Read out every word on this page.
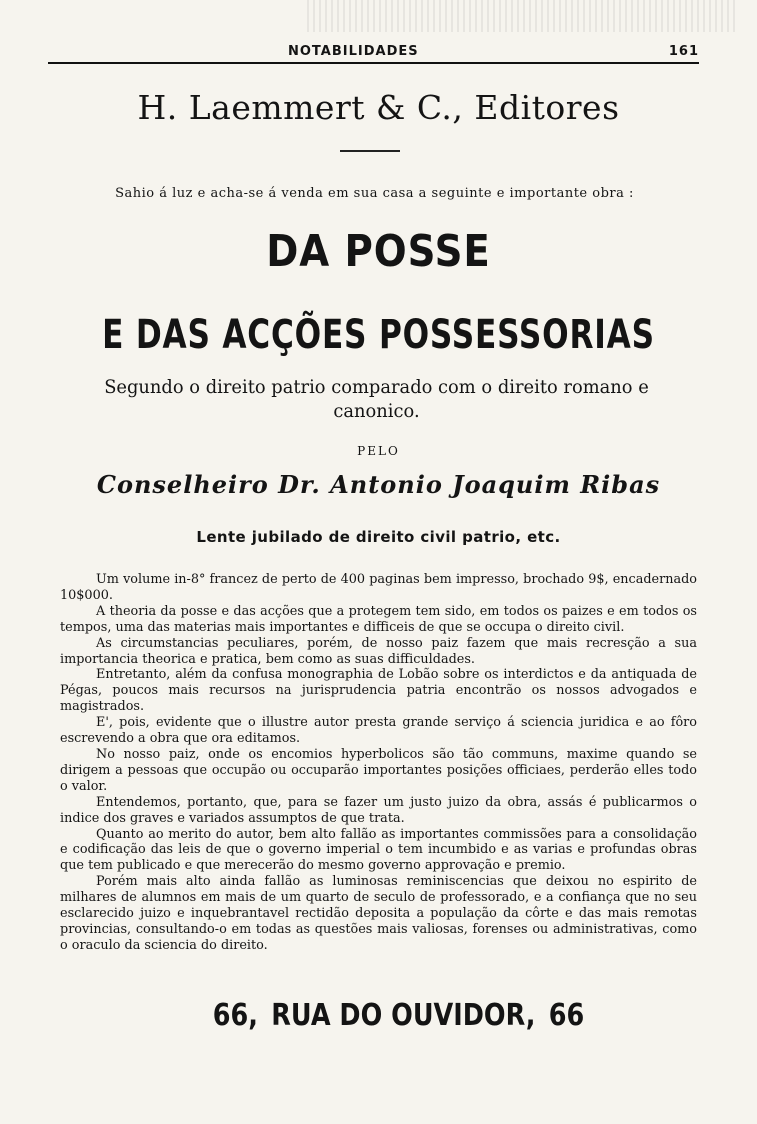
NOTABILIDADES	161
H. Laemmert & C., Editores
Sahio á luz e acha-se á venda em sua casa a seguinte e importante obra :
DA POSSE
E DAS ACÇÕES POSSESSORIAS
Segundo o direito patrio comparado com o direito romano e canonico.
PELO
Conselheiro Dr. Antonio Joaquim Ribas
Lente jubilado de direito civil patrio, etc.

Um volume in-8° francez de perto de 400 paginas bem impresso, brochado 9$, encadernado 10$000.

A theoria da posse e das acções que a protegem tem sido, em todos os paizes e em todos os tempos, uma das materias mais importantes e difficeis de que se occupa o direito civil.

As circumstancias peculiares, porém, de nosso paiz fazem que mais recresção a sua importancia theorica e pratica, bem como as suas difficuldades.

Entretanto, além da confusa monographia de Lobão sobre os interdictos e da antiquada de Pégas, poucos mais recursos na jurisprudencia patria encontrão os nossos advogados e magistrados.

E', pois, evidente que o illustre autor presta grande serviço á sciencia juridica e ao fôro escrevendo a obra que ora editamos.

No nosso paiz, onde os encomios hyperbolicos são tão communs, maxime quando se dirigem a pessoas que occupão ou occuparão importantes posições officiaes, perderão elles todo o valor.

Entendemos, portanto, que, para se fazer um justo juizo da obra, assás é publicarmos o indice dos graves e variados assumptos de que trata.

Quanto ao merito do autor, bem alto fallão as importantes commissões para a consolidação e codificação das leis de que o governo imperial o tem incumbido e as varias e profundas obras que tem publicado e que merecerão do mesmo governo approvação e premio.

Porém mais alto ainda fallão as luminosas reminiscencias que deixou no espirito de milhares de alumnos em mais de um quarto de seculo de professorado, e a confiança que no seu esclarecido juizo e inquebrantavel rectidão deposita a população da côrte e das mais remotas provincias, consultando-o em todas as questões mais valiosas, forenses ou administrativas, como o oraculo da sciencia do direito.

66, RUA DO OUVIDOR, 66
